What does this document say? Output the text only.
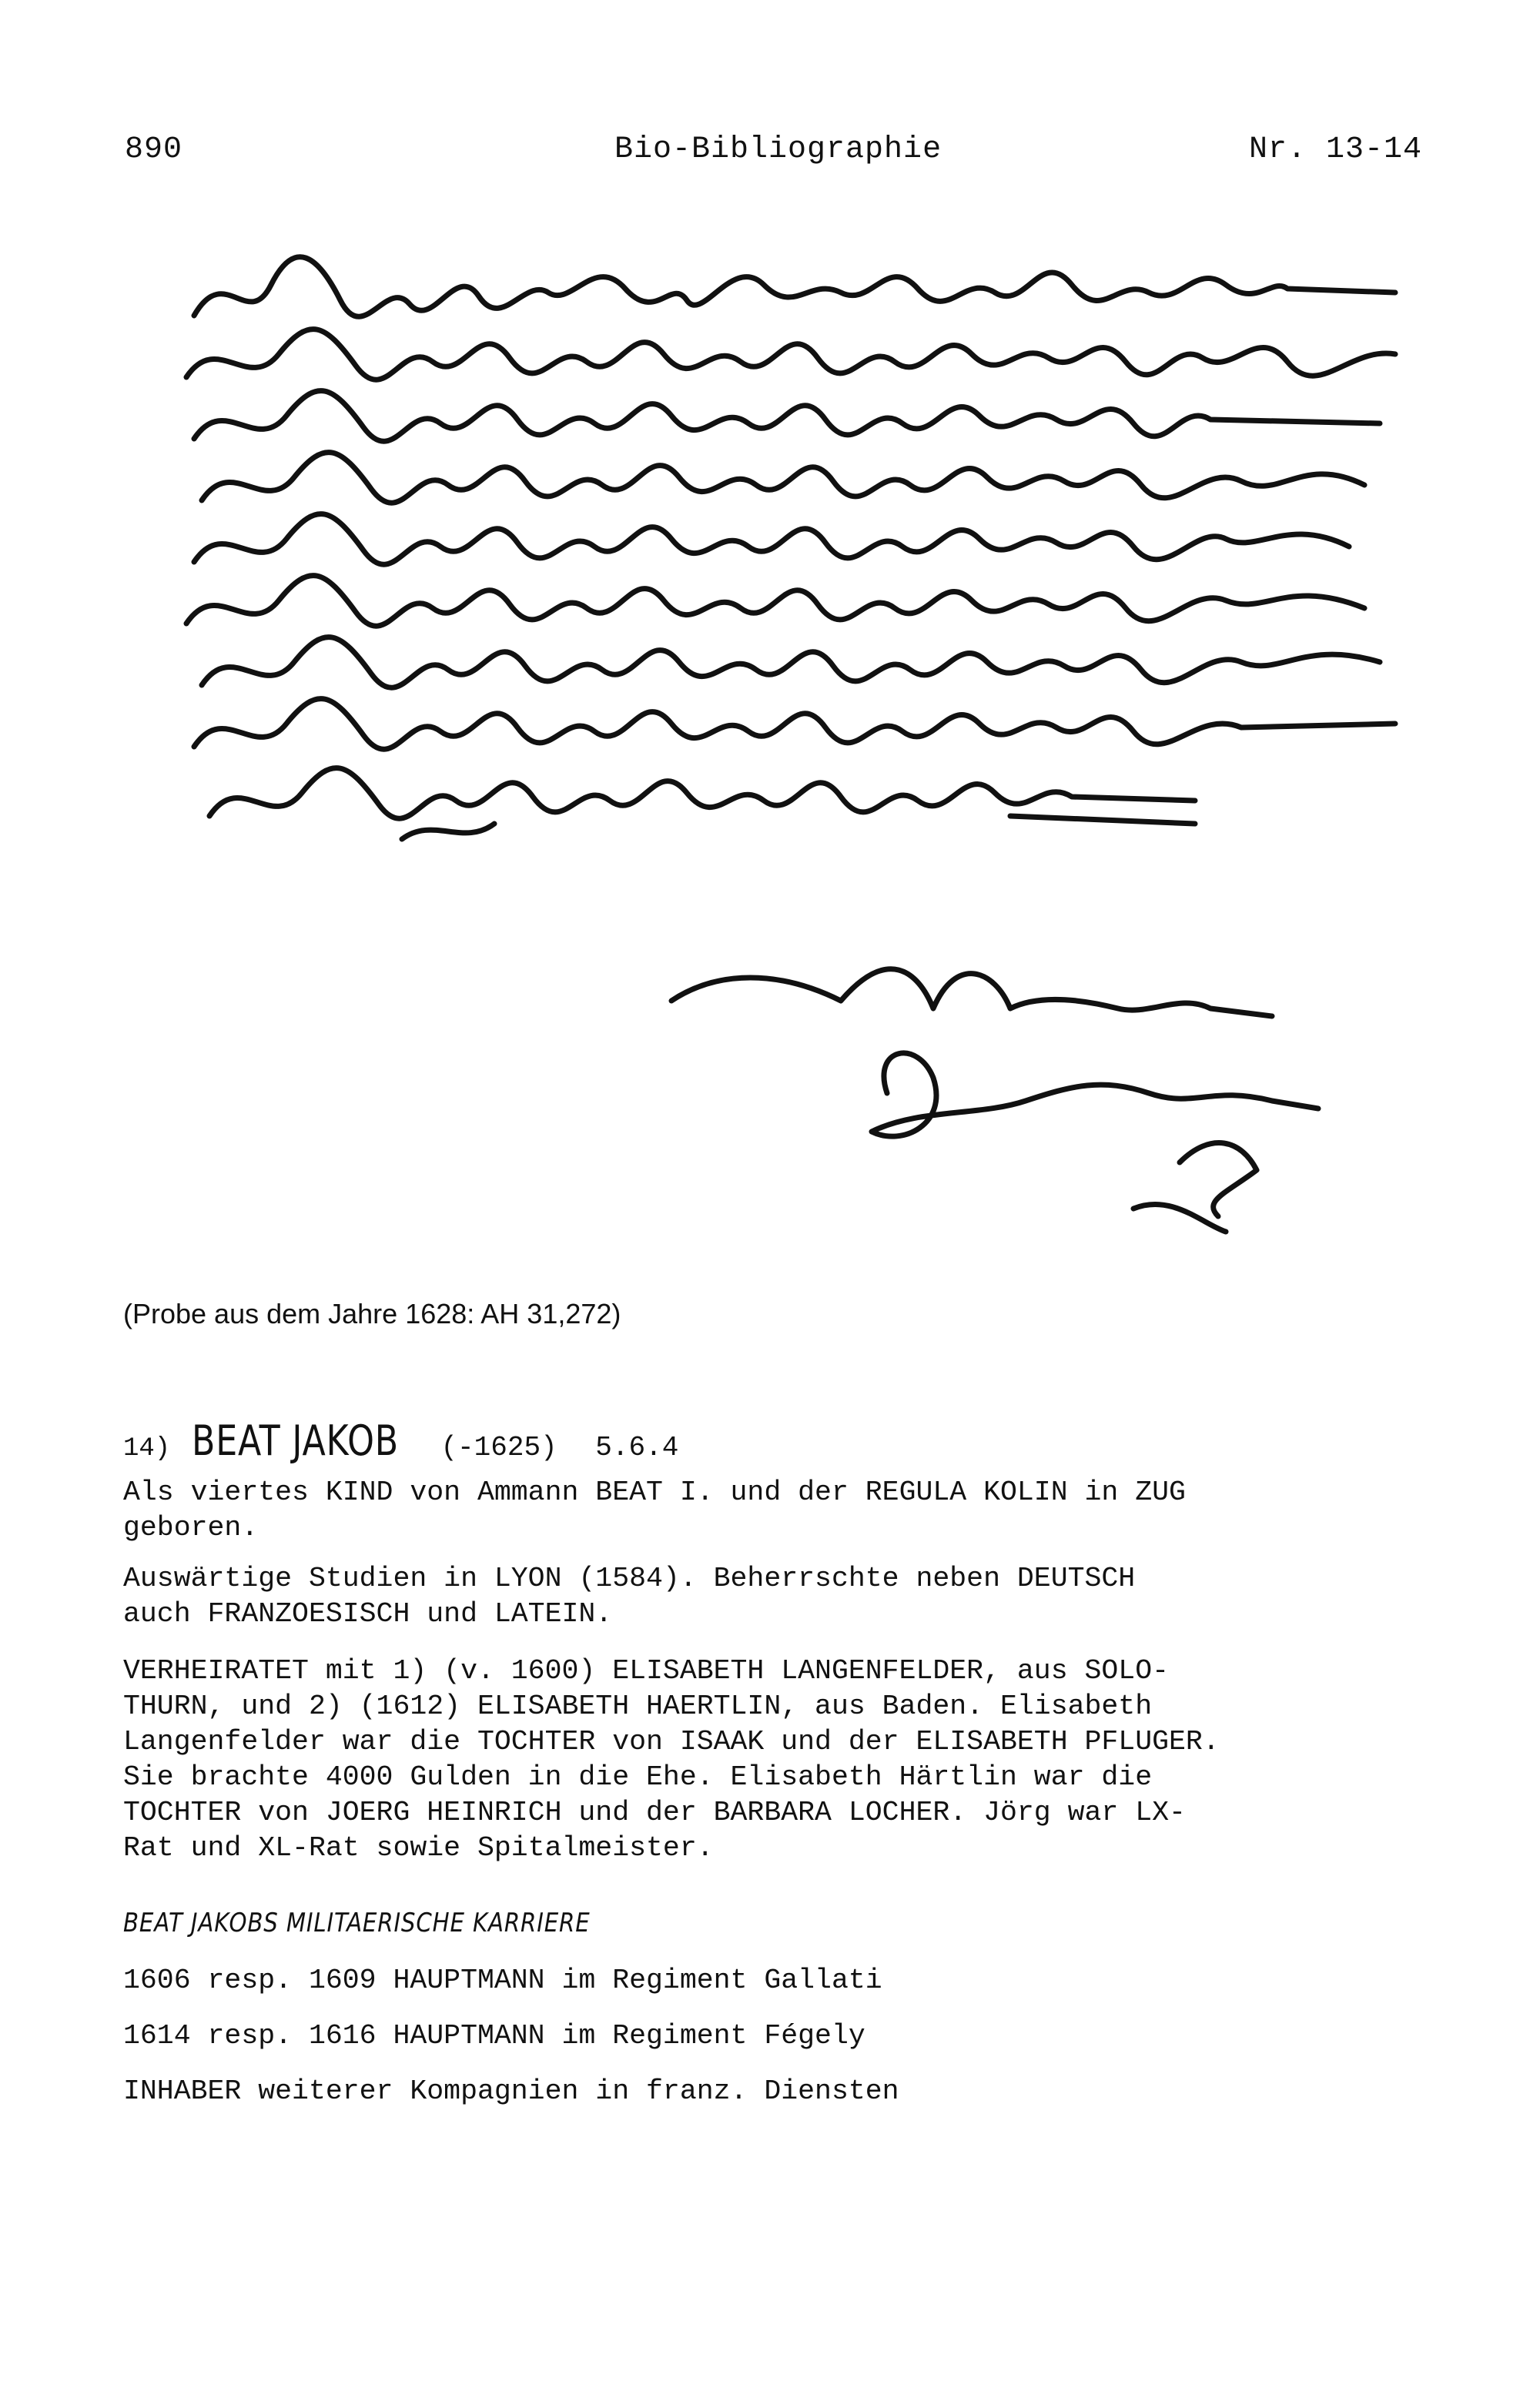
890	Bio-Bibliographie	Nr. 13-14
(Probe aus dem Jahre 1628: AH 31,272)
14) BEAT JAKOB (-1625) 5.6.4
Als viertes KIND von Ammann BEAT I. und der REGULA KOLIN in ZUG
geboren.
Auswärtige Studien in LYON (1584). Beherrschte neben DEUTSCH
auch FRANZOESISCH und LATEIN.
VERHEIRATET mit 1) (v. 1600) ELISABETH LANGENFELDER, aus SOLO-
THURN, und 2) (1612) ELISABETH HAERTLIN, aus Baden. Elisabeth
Langenfelder war die TOCHTER von ISAAK und der ELISABETH PFLUGER.
Sie brachte 4000 Gulden in die Ehe. Elisabeth Härtlin war die
TOCHTER von JOERG HEINRICH und der BARBARA LOCHER. Jörg war LX-
Rat und XL-Rat sowie Spitalmeister.
BEAT JAKOBS MILITAERISCHE KARRIERE
1606 resp. 1609 HAUPTMANN im Regiment Gallati
1614 resp. 1616 HAUPTMANN im Regiment Fégely
INHABER weiterer Kompagnien in franz. Diensten
